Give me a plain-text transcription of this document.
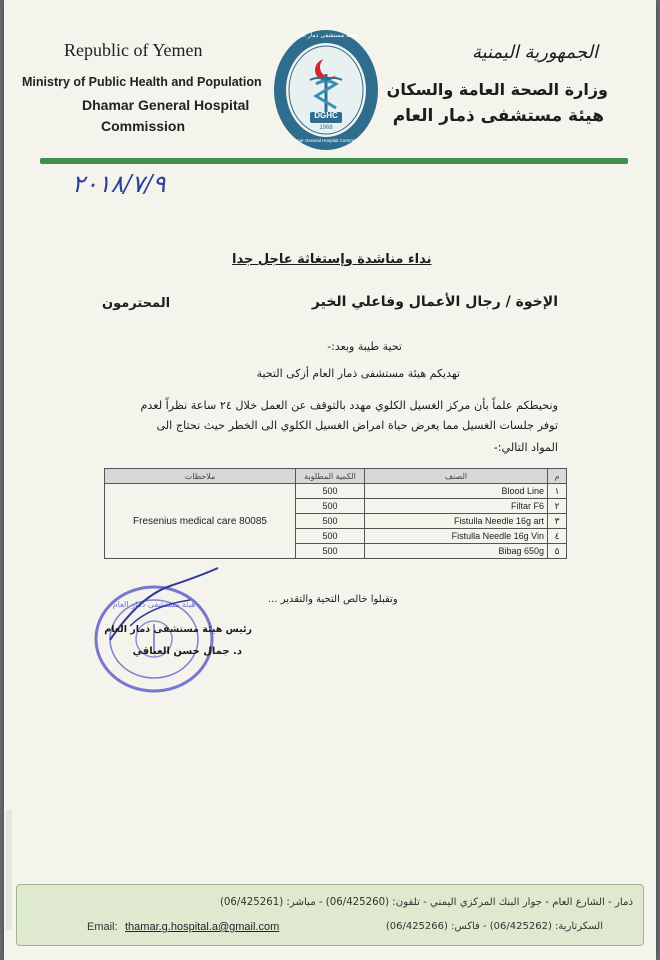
Republic of Yemen
Ministry of Public Health and Population
Dhamar General Hospital
Commission
DGHC
1968
هيئة مستشفى ذمار العام
Dhamar General Hospital Commission
الجمهورية اليمنية
وزارة الصحة العامة والسكان
هيئة مستشفى ذمار العام
٢٠١٨/٧/٩
نداء مناشدة وإستغاثة عاجل جدا
الإخوة / رجال الأعمال وفاعلي الخير
المحترمون
تحية طيبة وبعد:-
تهديكم هيئة مستشفى ذمار العام أزكى التحية
ونحيطكم علماً بأن مركز الغسيل الكلوي مهدد بالتوقف عن العمل خلال ٢٤ ساعة نظراً لعدم
توفر جلسات الغسيل مما يعرض حياة امراض الغسيل الكلوي الى الخطر حيث نحتاج الى
المواد التالي:-
ملاحظات	الكمية المطلوبة	الصنف	م
Fresenius medical care 80085	500	Blood Line	١
	500	Filtar F6	٢
	500	Fistulla Needle 16g art	٣
	500	Fistulla Needle 16g Vin	٤
	500	Bibag 650g	٥
وتقبلوا خالص التحية والتقدير ...
هيئة مستشفى ذمار العام
رئيس هيئة مستشفى ذمار العام
د. جمال حسن العباقي
ذمار - الشارع العام - جوار البنك المركزي اليمني - تلفون: (06/425260) - مباشر: (06/425261)
Email: thamar.g.hospital.a@gmail.com	السكرتارية: (06/425262) - فاكس: (06/425266)
